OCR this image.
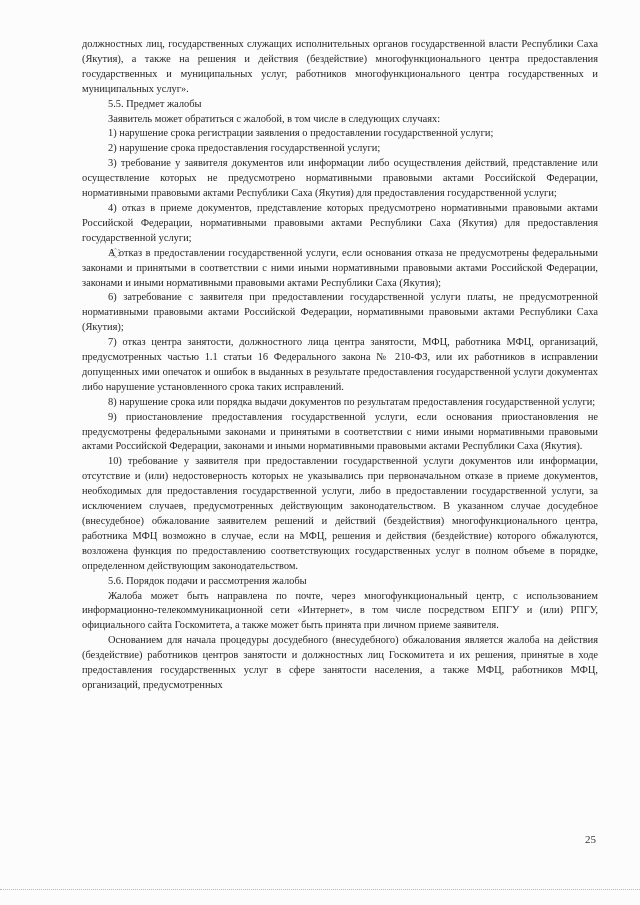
должностных лиц, государственных служащих исполнительных органов государственной власти Республики Саха (Якутия), а также на решения и действия (бездействие) многофункционального центра предоставления государственных и муниципальных услуг, работников многофункционального центра государственных и муниципальных услуг».

5.5. Предмет жалобы

Заявитель может обратиться с жалобой, в том числе в следующих случаях:

1) нарушение срока регистрации заявления о предоставлении государственной услуги;

2) нарушение срока предоставления государственной услуги;

3) требование у заявителя документов или информации либо осуществления действий, представление или осуществление которых не предусмотрено нормативными правовыми актами Российской Федерации, нормативными правовыми актами Республики Саха (Якутия) для предоставления государственной услуги;

4) отказ в приеме документов, представление которых предусмотрено нормативными правовыми актами Российской Федерации, нормативными правовыми актами Республики Саха (Якутия) для предоставления государственной услуги;

А҈ отказ в предоставлении государственной услуги, если основания отказа не предусмотрены федеральными законами и принятыми в соответствии с ними иными нормативными правовыми актами Российской Федерации, законами и иными нормативными правовыми актами Республики Саха (Якутия);

6) затребование с заявителя при предоставлении государственной услуги платы, не предусмотренной нормативными правовыми актами Российской Федерации, нормативными правовыми актами Республики Саха (Якутия);

7) отказ центра занятости, должностного лица центра занятости, МФЦ, работника МФЦ, организаций, предусмотренных частью 1.1 статьи 16 Федерального закона № 210-ФЗ, или их работников в исправлении допущенных ими опечаток и ошибок в выданных в результате предоставления государственной услуги документах либо нарушение установленного срока таких исправлений.

8) нарушение срока или порядка выдачи документов по результатам предоставления государственной услуги;

9) приостановление предоставления государственной услуги, если основания приостановления не предусмотрены федеральными законами и принятыми в соответствии с ними иными нормативными правовыми актами Российской Федерации, законами и иными нормативными правовыми актами Республики Саха (Якутия).

10) требование у заявителя при предоставлении государственной услуги документов или информации, отсутствие и (или) недостоверность которых не указывались при первоначальном отказе в приеме документов, необходимых для предоставления государственной услуги, либо в предоставлении государственной услуги, за исключением случаев, предусмотренных действующим законодательством. В указанном случае досудебное (внесудебное) обжалование заявителем решений и действий (бездействия) многофункционального центра, работника МФЦ возможно в случае, если на МФЦ, решения и действия (бездействие) которого обжалуются, возложена функция по предоставлению соответствующих государственных услуг в полном объеме в порядке, определенном действующим законодательством.

5.6. Порядок подачи и рассмотрения жалобы

Жалоба может быть направлена по почте, через многофункциональный центр, с использованием информационно-телекоммуникационной сети «Интернет», в том числе посредством ЕПГУ и (или) РПГУ, официального сайта Госкомитета, а также может быть принята при личном приеме заявителя.

Основанием для начала процедуры досудебного (внесудебного) обжалования является жалоба на действия (бездействие) работников центров занятости и должностных лиц Госкомитета и их решения, принятые в ходе предоставления государственных услуг в сфере занятости населения, а также МФЦ, работников МФЦ, организаций, предусмотренных

25
